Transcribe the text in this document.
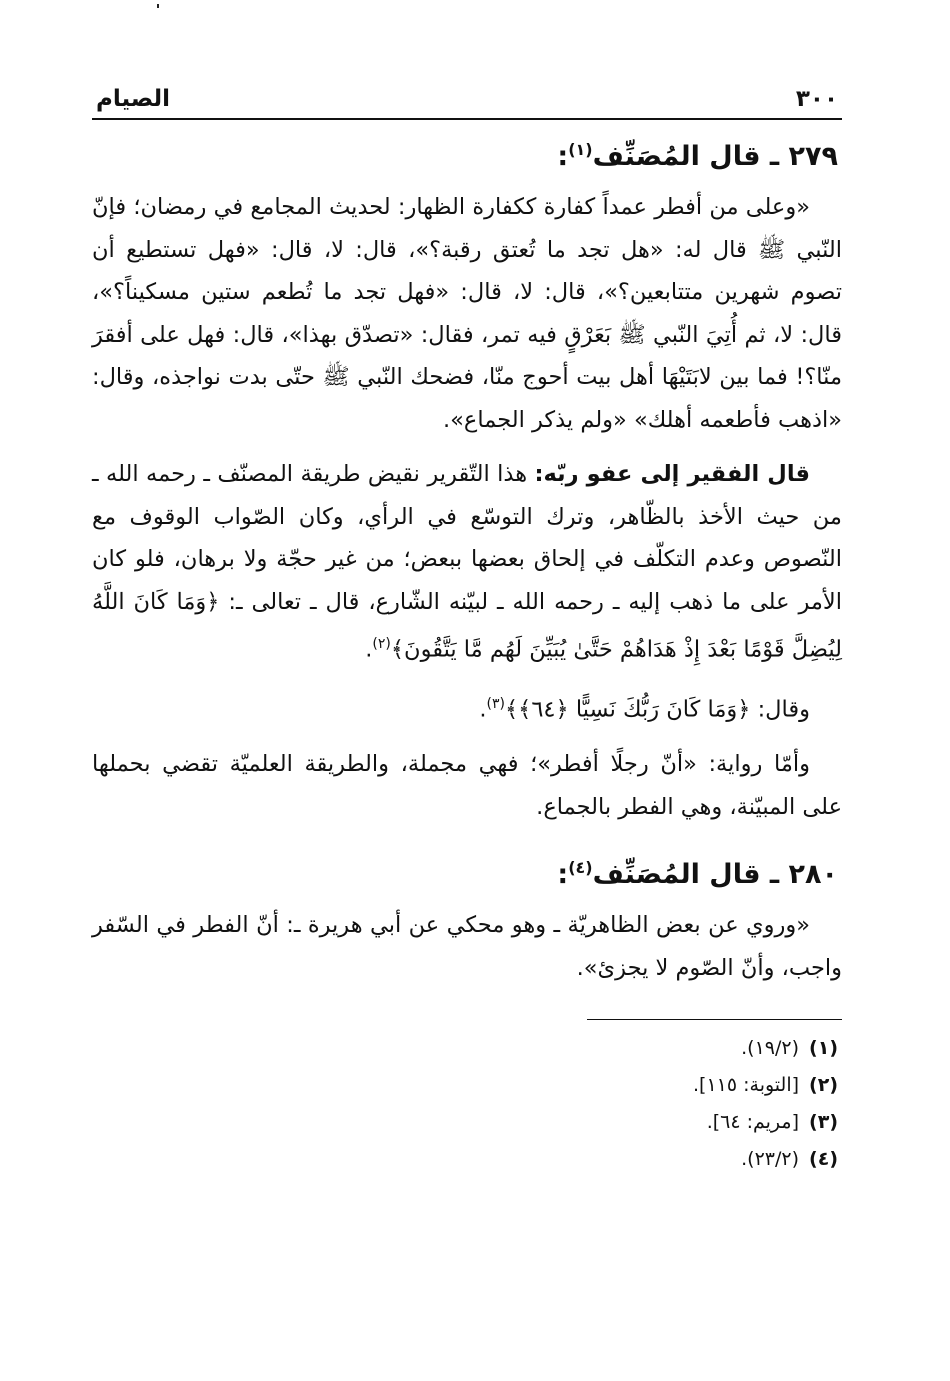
٣٠٠
الصيام
٢٧٩ ـ قال المُصَنِّف$^{(١)}$:

«وعلى من أفطر عمداً كفارة ككفارة الظهار: لحديث المجامع في رمضان؛ فإنّ النّبي ﷺ قال له: «هل تجد ما تُعتق رقبة؟»، قال: لا، قال: «فهل تستطيع أن تصوم شهرين متتابعين؟»، قال: لا، قال: «فهل تجد ما تُطعم ستين مسكيناً؟»، قال: لا، ثم أُتِيَ النّبي ﷺ بَعَرْقٍ فيه تمر، فقال: «تصدّق بهذا»، قال: فهل على أفقرَ منّا؟! فما بين لابَتَيْهَا أهل بيت أحوج منّا، فضحك النّبي ﷺ حتّى بدت نواجذه، وقال: «اذهب فأطعمه أهلك» «ولم يذكر الجماع».

قال الفقير إلى عفو ربّه: هذا التّقرير نقيض طريقة المصنّف ـ رحمه الله ـ من حيث الأخذ بالظّاهر، وترك التوسّع في الرأي، وكان الصّواب الوقوف مع النّصوص وعدم التكلّف في إلحاق بعضها ببعض؛ من غير حجّة ولا برهان، فلو كان الأمر على ما ذهب إليه ـ رحمه الله ـ لبيّنه الشّارع، قال ـ تعالى ـ: ﴿وَمَا كَانَ اللَّهُ لِيُضِلَّ قَوْمًا بَعْدَ إِذْ هَدَاهُمْ حَتَّىٰ يُبَيِّنَ لَهُم مَّا يَتَّقُونَ﴾$^{(٢)}$.

وقال: ﴿وَمَا كَانَ رَبُّكَ نَسِيًّا ﴿٦٤﴾﴾$^{(٣)}$.

وأمّا رواية: «أنّ رجلًا أفطر»؛ فهي مجملة، والطريقة العلميّة تقضي بحملها على المبيّنة، وهي الفطر بالجماع.

٢٨٠ ـ قال المُصَنِّف$^{(٤)}$:

«وروي عن بعض الظاهريّة ـ وهو محكي عن أبي هريرة ـ: أنّ الفطر في السّفر واجب، وأنّ الصّوم لا يجزئ».

(١)(١٩/٢).
(٢)[التوبة: ١١٥].
(٣)[مريم: ٦٤].
(٤)(٢٣/٢).
